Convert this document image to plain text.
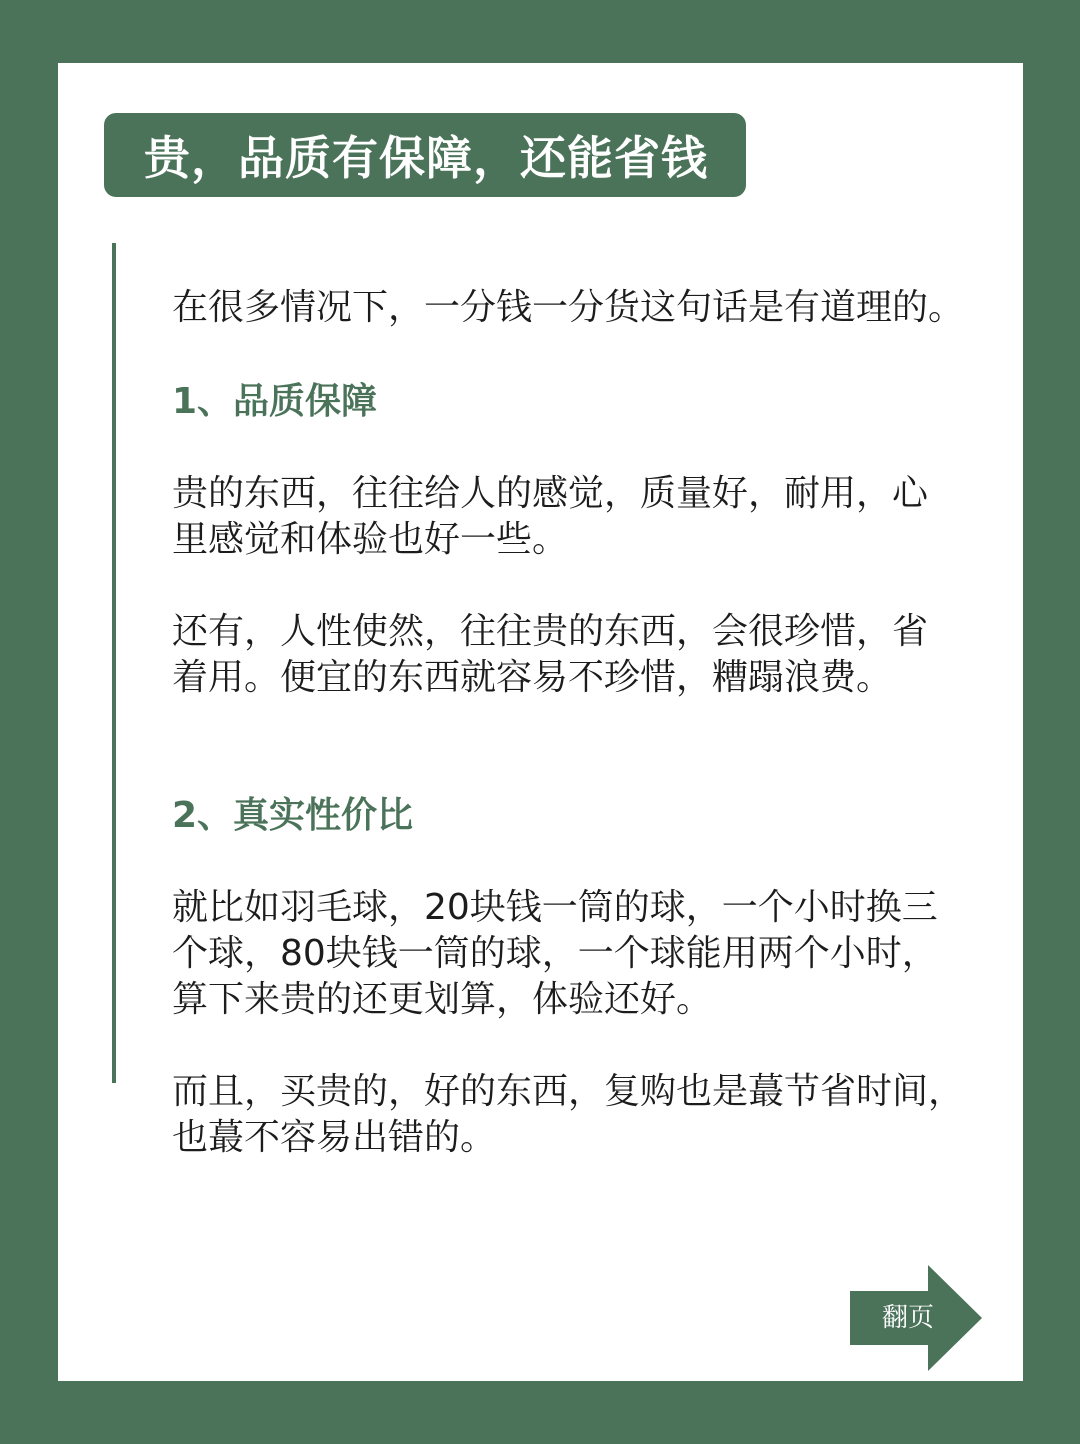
贵，品质有保障，还能省钱

在很多情况下，一分钱一分货这句话是有道理的。

1、品质保障

贵的东西，往往给人的感觉，质量好，耐用，心

里感觉和体验也好一些。

还有，人性使然，往往贵的东西，会很珍惜，省

着用。便宜的东西就容易不珍惜，糟蹋浪费。

2、真实性价比

就比如羽毛球，20块钱一筒的球，一个小时换三

个球，80块钱一筒的球，一个球能用两个小时，

算下来贵的还更划算，体验还好。

而且，买贵的，好的东西，复购也是蕞节省时间，

也蕞不容易出错的。

翻页
